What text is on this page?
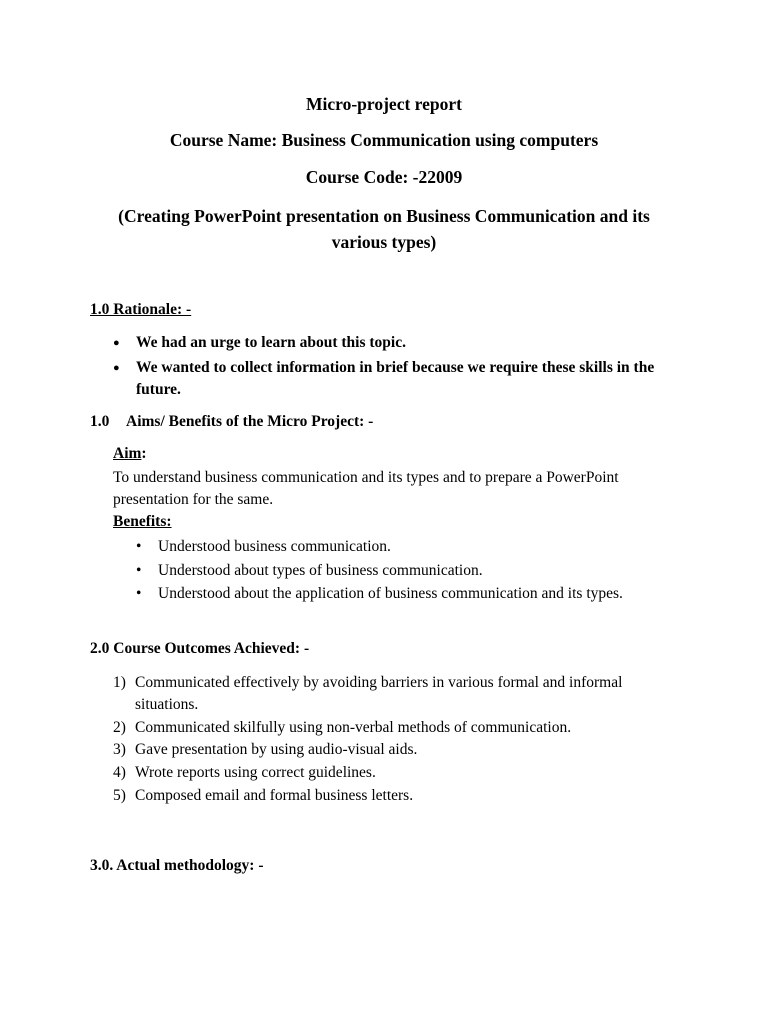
Micro-project report
Course Name: Business Communication using computers
Course Code: -22009
(Creating PowerPoint presentation on Business Communication and its various types)
1.0 Rationale: -
● We had an urge to learn about this topic.
● We wanted to collect information in brief because we require these skills in the future.
1.0 Aims/ Benefits of the Micro Project: -
Aim:
To understand business communication and its types and to prepare a PowerPoint presentation for the same.
Benefits:
• Understood business communication.
• Understood about types of business communication.
• Understood about the application of business communication and its types.
2.0 Course Outcomes Achieved: -
1) Communicated effectively by avoiding barriers in various formal and informal situations.
2) Communicated skilfully using non-verbal methods of communication.
3) Gave presentation by using audio-visual aids.
4) Wrote reports using correct guidelines.
5) Composed email and formal business letters.
3.0. Actual methodology: -
